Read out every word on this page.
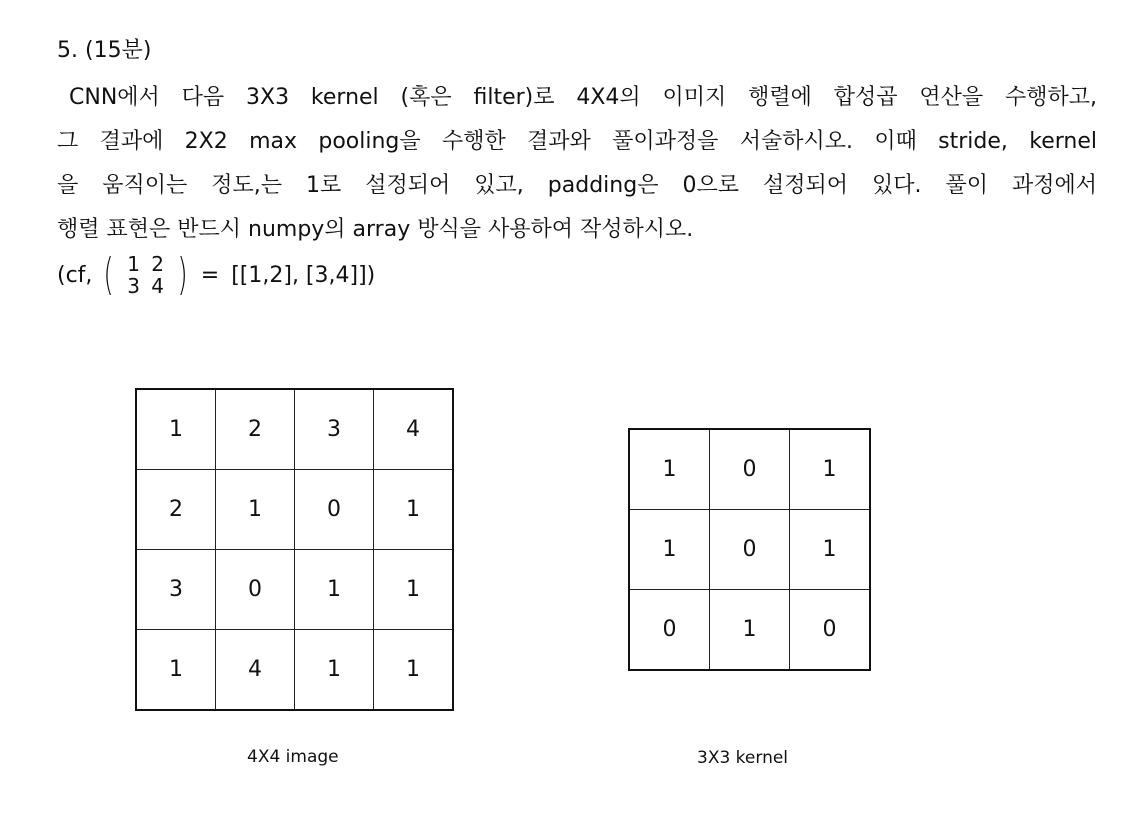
5. (15분)
CNN에서 다음 3X3 kernel (혹은 filter)로 4X4의 이미지 행렬에 합성곱 연산을 수행하고,
그 결과에 2X2 max pooling을 수행한 결과와 풀이과정을 서술하시오. 이때 stride, kernel
을 움직이는 정도,는 1로 설정되어 있고, padding은 0으로 설정되어 있다. 풀이 과정에서
행렬 표현은 반드시 numpy의 array 방식을 사용하여 작성하시오.
(cf, ( 1 2
3 4 ) = [[1,2], [3,4]])
1	2	3	4
2	1	0	1
3	0	1	1
1	4	1	1
4X4 image
1	0	1
1	0	1
0	1	0
3X3 kernel
